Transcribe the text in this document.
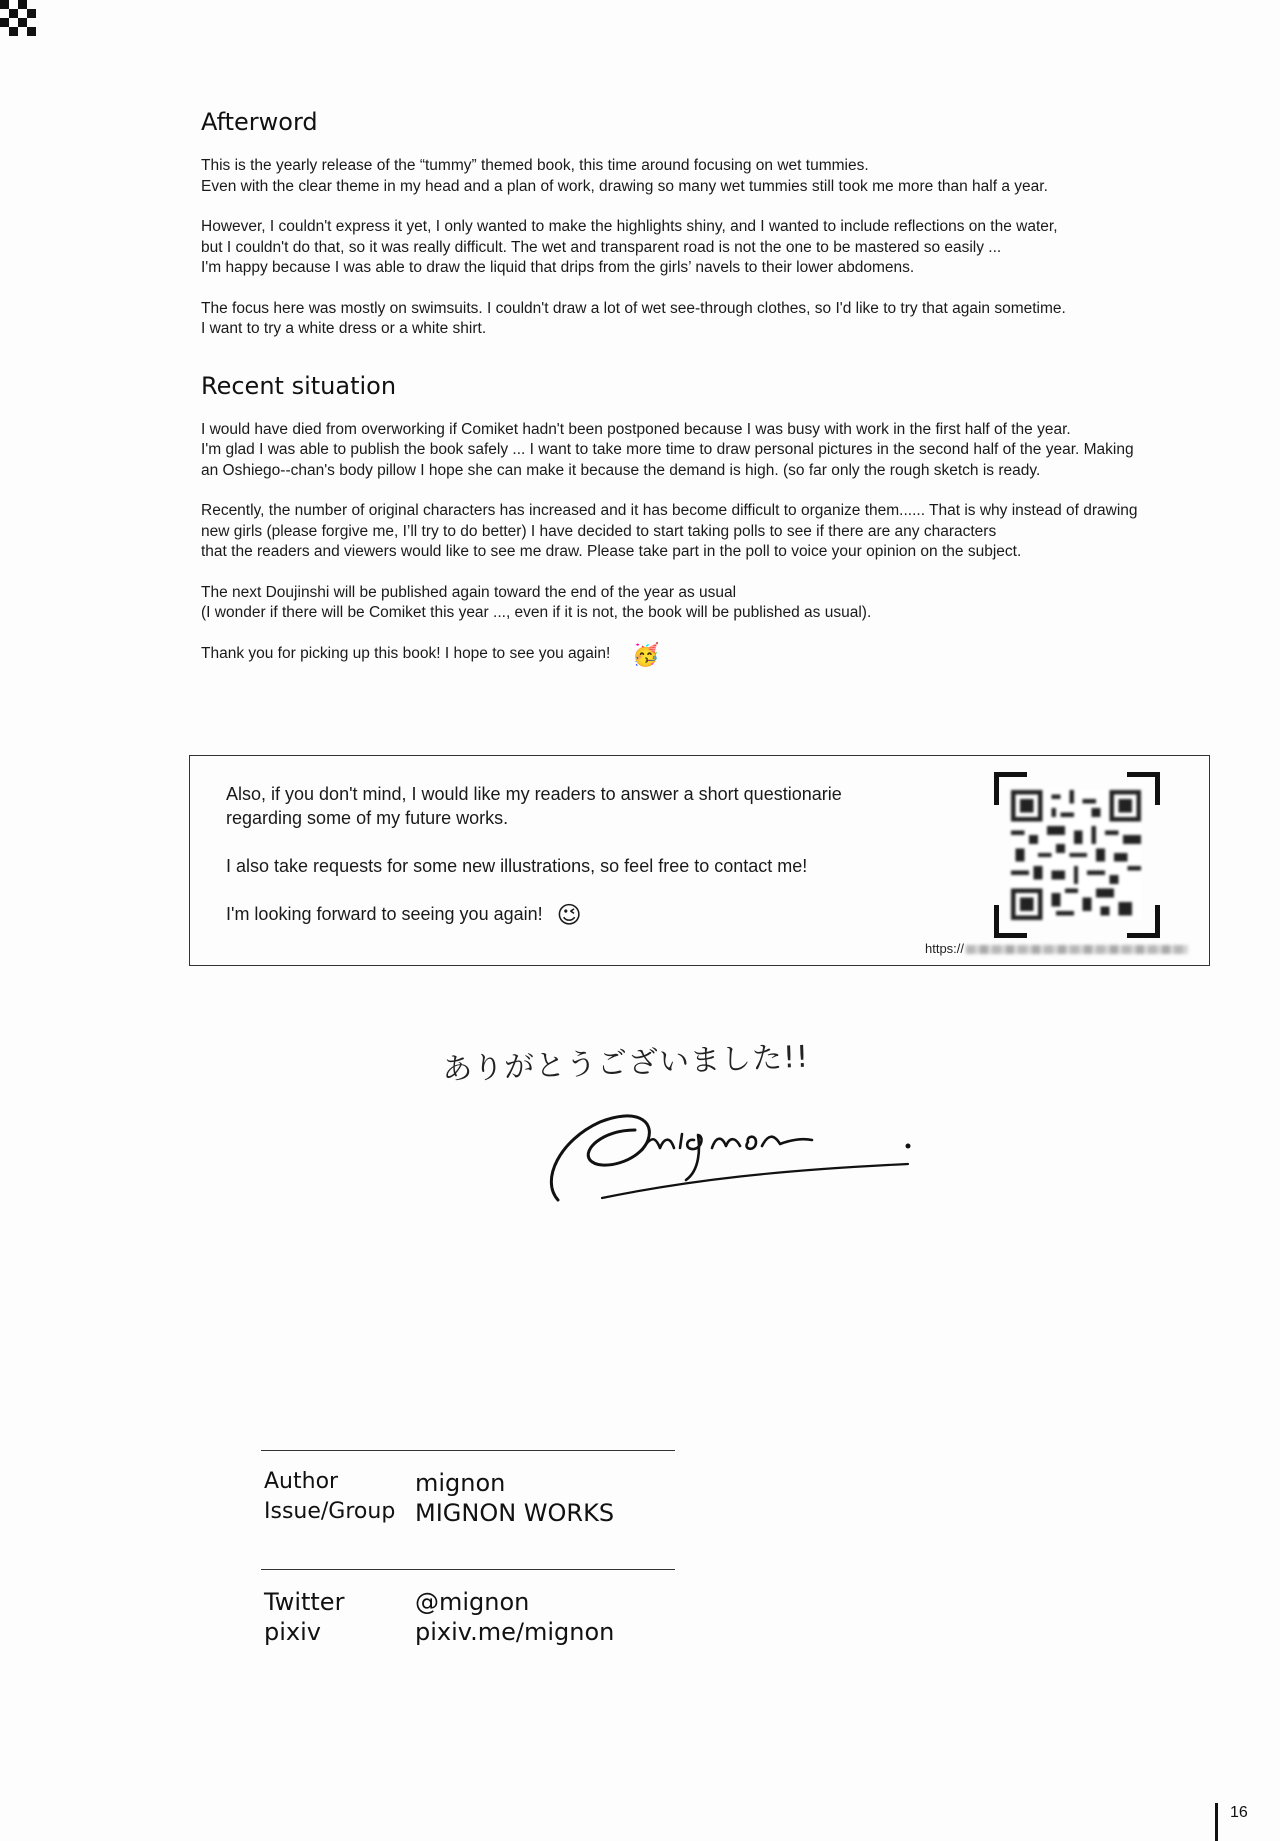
Afterword

This is the yearly release of the “tummy” themed book, this time around focusing on wet tummies.
Even with the clear theme in my head and a plan of work, drawing so many wet tummies still took me more than half a year.

However, I couldn't express it yet, I only wanted to make the highlights shiny, and I wanted to include reflections on the water,
but I couldn't do that, so it was really difficult. The wet and transparent road is not the one to be mastered so easily ...
I'm happy because I was able to draw the liquid that drips from the girls’ navels to their lower abdomens.

The focus here was mostly on swimsuits. I couldn't draw a lot of wet see-through clothes, so I'd like to try that again sometime.
I want to try a white dress or a white shirt.

Recent situation

I would have died from overworking if Comiket hadn't been postponed because I was busy with work in the first half of the year.
I'm glad I was able to publish the book safely ... I want to take more time to draw personal pictures in the second half of the year. Making
an Oshiego--chan's body pillow I hope she can make it because the demand is high. (so far only the rough sketch is ready.

Recently, the number of original characters has increased and it has become difficult to organize them...... That is why instead of drawing
new girls (please forgive me, I’ll try to do better) I have decided to start taking polls to see if there are any characters
that the readers and viewers would like to see me draw. Please take part in the poll to voice your opinion on the subject.

The next Doujinshi will be published again toward the end of the year as usual
(I wonder if there will be Comiket this year ..., even if it is not, the book will be published as usual).

Thank you for picking up this book! I hope to see you again! 🥳

Also, if you don't mind, I would like my readers to answer a short questionarie
regarding some of my future works.
I also take requests for some new illustrations, so feel free to contact me!
I'm looking forward to seeing you again! 😉
https://
ありがとうございました!!
Author	mignon
Issue/Group MIGNON WORKS
Twitter	@mignon
pixiv	pixiv.me/mignon
16
